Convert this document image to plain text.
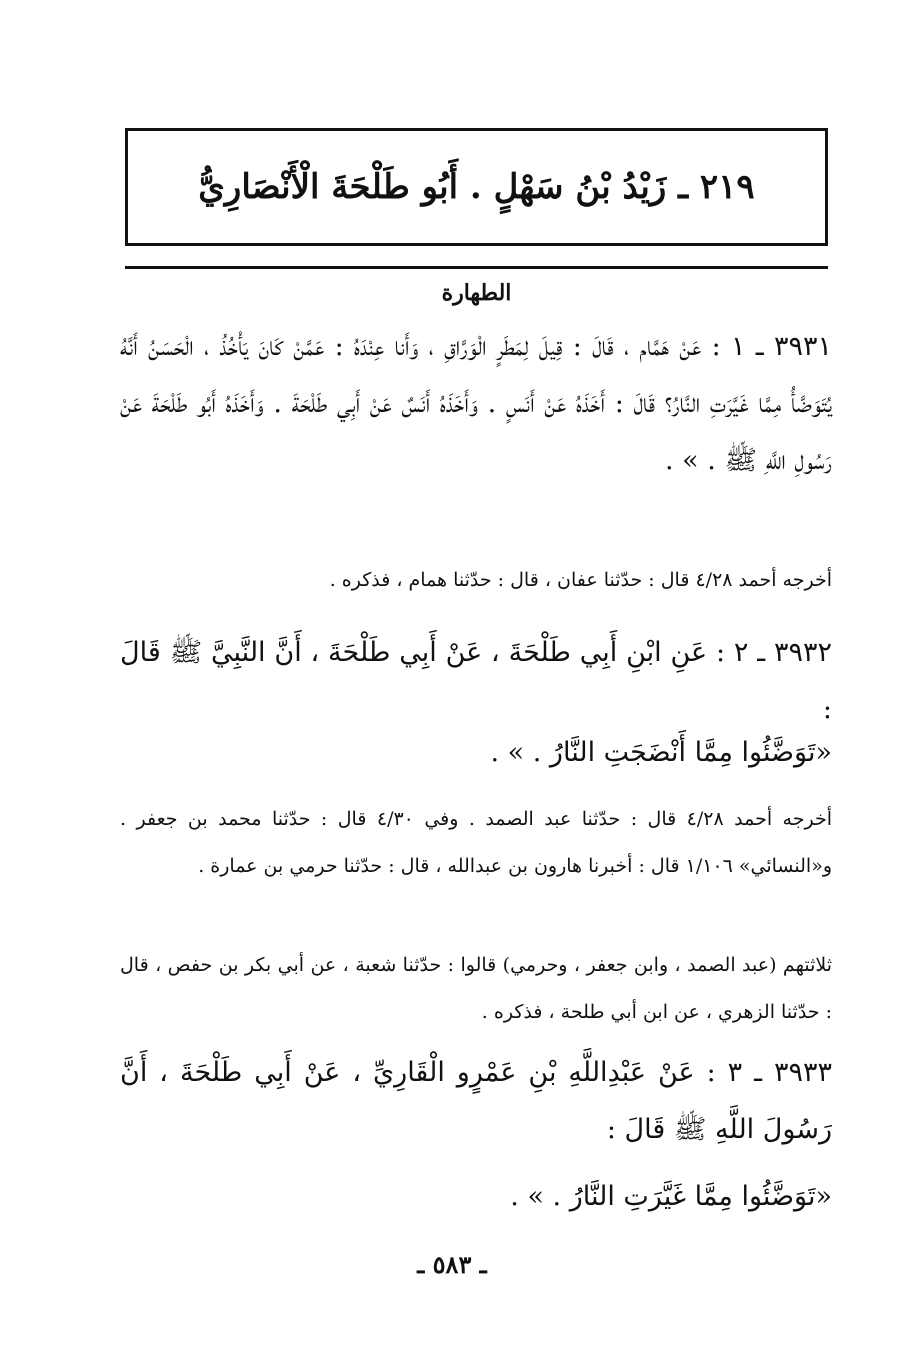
٢١٩ ـ زَيْدُ بْنُ سَهْلٍ . أَبُو طَلْحَةَ الْأَنْصَارِيُّ
الطهارة

٣٩٣١ ـ ١ : عَنْ هَمَّام ، قَالَ : قِيلَ لِمَطَرٍ الْوَرَّاقِ ، وَأَنا عِنْدَهُ : عَمَّنْ كَانَ يَأْخُذُ ، الْحَسَنُ أَنَّهُ يُتَوَضَّأُ مِمَّا غَيَّرَتِ النَّارُ؟ قَالَ : أَخَذَهُ عَنْ أَنَسٍ . وَأَخَذَهُ أَنَسٌ عَنْ أَبِي طَلْحَةَ . وَأَخَذَهُ أَبُو طَلْحَةَ عَنْ رَسُولِ اللَّهِ ﷺ . » .

أخرجه أحمد ٤/٢٨ قال : حدّثنا عفان ، قال : حدّثنا همام ، فذكره .

٣٩٣٢ ـ ٢ : عَنِ ابْنِ أَبِي طَلْحَةَ ، عَنْ أَبِي طَلْحَةَ ، أَنَّ النَّبِيَّ ﷺ قَالَ :

«تَوَضَّئُوا مِمَّا أَنْضَجَتِ النَّارُ . » .

أخرجه أحمد ٤/٢٨ قال : حدّثنا عبد الصمد . وفي ٤/٣٠ قال : حدّثنا محمد بن جعفر . و«النسائي» ١/١٠٦ قال : أخبرنا هارون بن عبدالله ، قال : حدّثنا حرمي بن عمارة .

ثلاثتهم (عبد الصمد ، وابن جعفر ، وحرمي) قالوا : حدّثنا شعبة ، عن أبي بكر بن حفص ، قال : حدّثنا الزهري ، عن ابن أبي طلحة ، فذكره .

٣٩٣٣ ـ ٣ : عَنْ عَبْدِاللَّهِ بْنِ عَمْرٍو الْقَارِيِّ ، عَنْ أَبِي طَلْحَةَ ، أَنَّ رَسُولَ اللَّهِ ﷺ قَالَ :

«تَوَضَّئُوا مِمَّا غَيَّرَتِ النَّارُ . » .

ـ ٥٨٣ ـ
